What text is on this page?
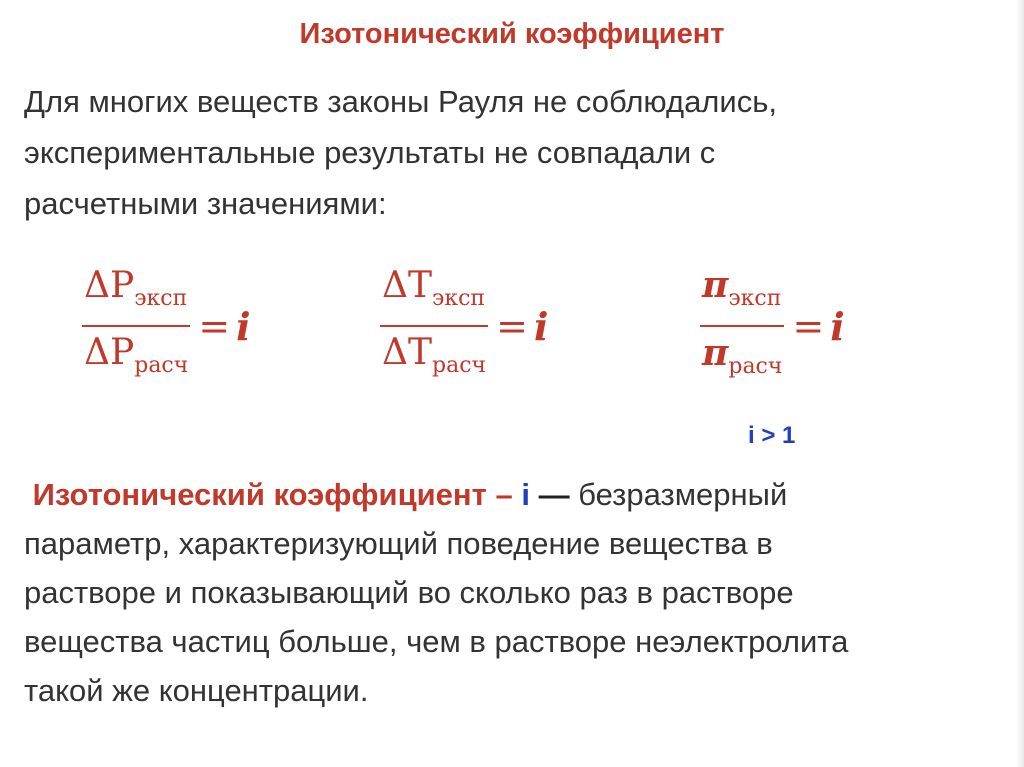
Изотонический коэффициент
Для многих веществ законы Рауля не соблюдались,
экспериментальные результаты не совпадали с
расчетными значениями:
$\frac{\Delta P_{эксп}}{\Delta P_{расч}} = i$	$\frac{\Delta T_{эксп}}{\Delta T_{расч}} = i$	$\frac{\pi_{эксп}}{\pi_{расч}} = i$
i > 1
Изотонический коэффициент – i — безразмерный
параметр, характеризующий поведение вещества в
растворе и показывающий во сколько раз в растворе
вещества частиц больше, чем в растворе неэлектролита
такой же концентрации.
